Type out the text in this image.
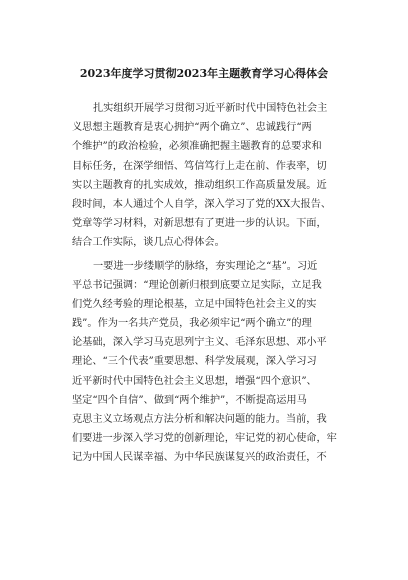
2023年度学习贯彻2023年主题教育学习心得体会

扎实组织开展学习贯彻习近平新时代中国特色社会主
义思想主题教育是衷心拥护“两个确立”、忠诚践行“两
个维护”的政治检验，必须准确把握主题教育的总要求和
目标任务，在深学细悟、笃信笃行上走在前、作表率，切
实以主题教育的扎实成效，推动组织工作高质量发展。近
段时间，本人通过个人自学，深入学习了党的XX大报告、
党章等学习材料，对新思想有了更进一步的认识。下面，
结合工作实际，谈几点心得体会。

一要进一步缕顺学的脉络，夯实理论之“基”。习近
平总书记强调：“理论创新归根到底要立足实际，立足我
们党久经考验的理论根基，立足中国特色社会主义的实
践”。作为一名共产党员，我必须牢记“两个确立”的理
论基础，深入学习马克思列宁主义、毛泽东思想、邓小平
理论、“三个代表”重要思想、科学发展观，深入学习习
近平新时代中国特色社会主义思想，增强“四个意识”、
坚定“四个自信”、做到“两个维护”，不断提高运用马
克思主义立场观点方法分析和解决问题的能力。当前，我
们要进一步深入学习党的创新理论，牢记党的初心使命，牢
记为中国人民谋幸福、为中华民族谋复兴的政治责任，不
